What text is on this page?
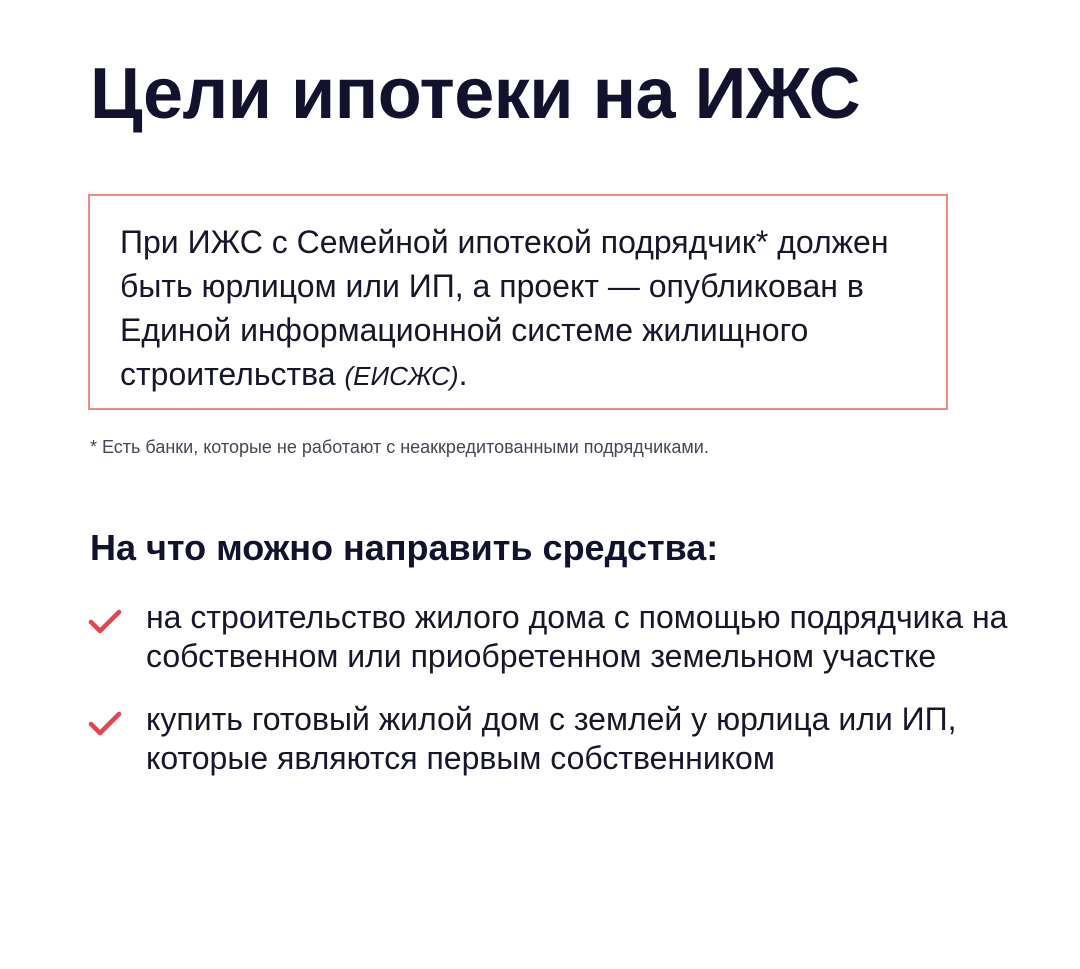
Цели ипотеки на ИЖС

При ИЖС с Семейной ипотекой подрядчик* должен быть юрлицом или ИП, а проект — опубликован в Единой информационной системе жилищного строительства (ЕИСЖС).

* Есть банки, которые не работают с неаккредитованными подрядчиками.

На что можно направить средства:
на строительство жилого дома с помощью подрядчика на собственном или приобретенном земельном участке
купить готовый жилой дом с землей у юрлица или ИП, которые являются первым собственником
